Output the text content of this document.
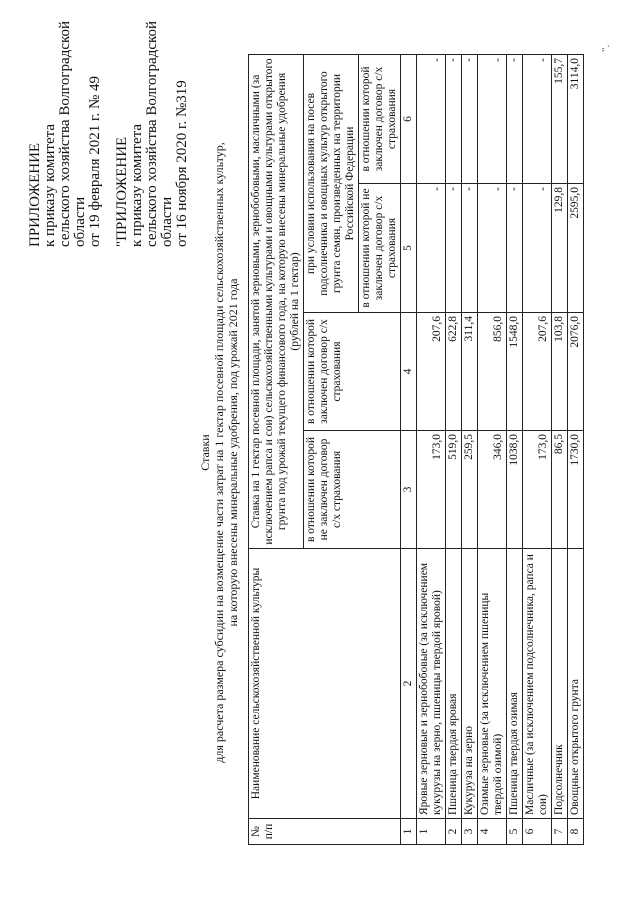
ПРИЛОЖЕНИЕ к приказу комитета сельского хозяйства Волгоградской области от 19 февраля 2021 г. № 49 "ПРИЛОЖЕНИЕ к приказу комитета сельского хозяйства Волгоградской области от 16 ноября 2020 г. №319
Ставки для расчета размера субсидии на возмещение части затрат на 1 гектар посевной площади сельскохозяйственных культур, на которую внесены минеральные удобрения, под урожай 2021 года
№ п/п	Наименование сельскохозяйственной культуры	Ставка на 1 гектар посевной площади, занятой зерновыми, зернобобовыми, масличными (за исключением рапса и сои) сельскохозяйственными культурами и овощными культурами открытого грунта под урожай текущего финансового года, на которую внесены минеральные удобрения (рублей на 1 гектар)			
		в отношении которой не заключен договор с/х страхования	в отношении которой заключен договор с/х страхования	при условии использования на посев подсолнечника и овощных культур открытого грунта семян, произведенных на территории Российской Федерации	
				в отношении которой не заключен договор с/х страхования	в отношении которой заключен договор с/х страхования
1	2	3	4	5	6
1	Яровые зерновые и зернобобовые (за исключением кукурузы на зерно, пшеницы твердой яровой)	173,0	207,6	-	-
2	Пшеница твердая яровая	519,0	622,8	-	-
3	Кукуруза на зерно	259,5	311,4	-	-
4	Озимые зерновые (за исключением пшеницы твердой озимой)	346,0	856,0	-	-
5	Пшеница твердая озимая	1038,0	1548,0	-	-
6	Масличные (за исключением подсолнечника, рапса и сои)	173,0	207,6	-	-
7	Подсолнечник	86,5	103,8	129,8	155,7
8	Овощные открытого грунта	1730,0	2076,0	2595,0	3114,0
".
